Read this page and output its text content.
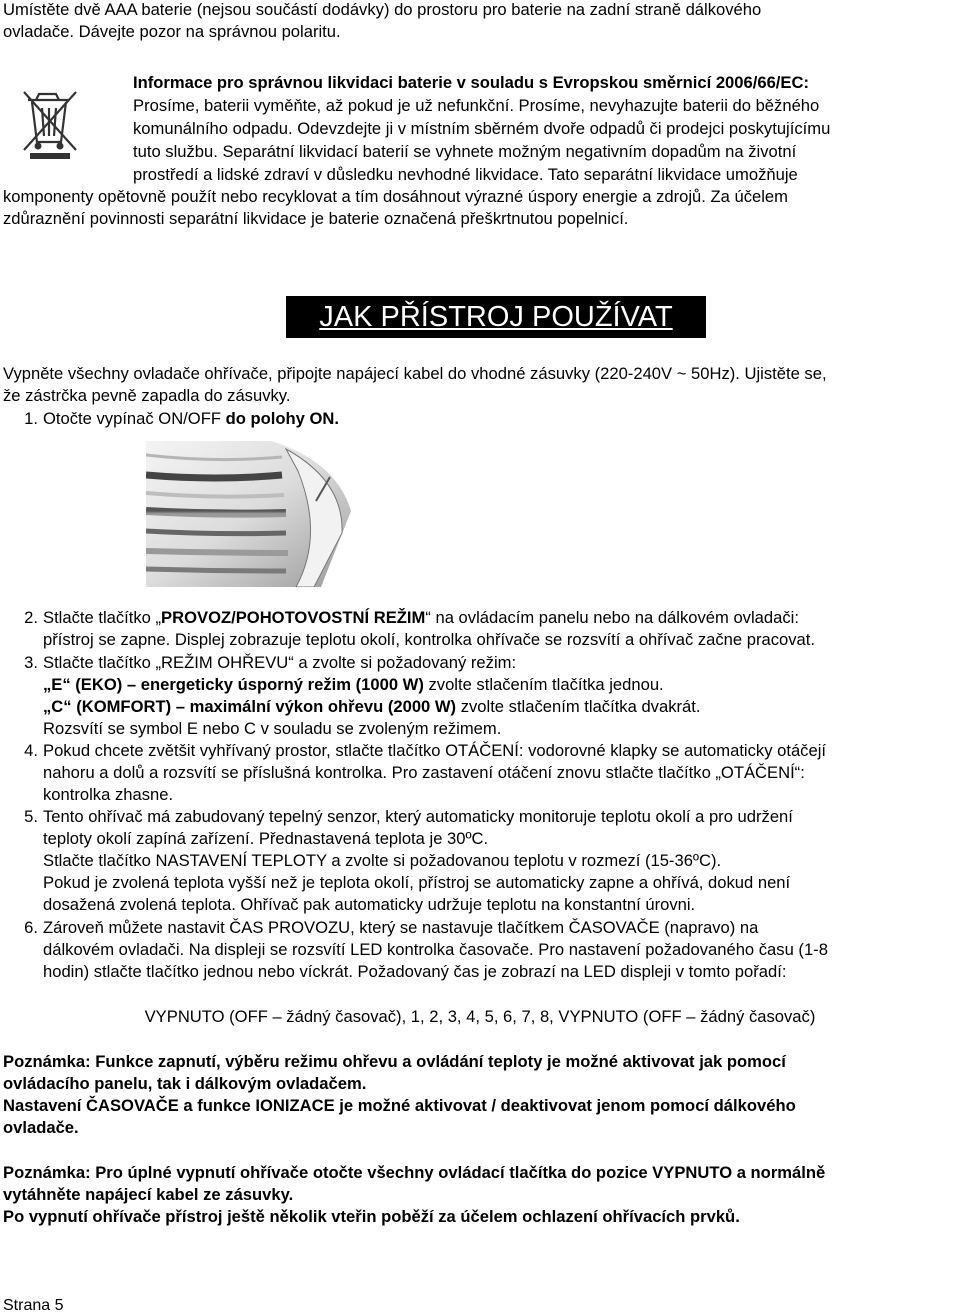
Umístěte dvě AAA baterie (nejsou součástí dodávky) do prostoru pro baterie na zadní straně dálkového
ovladače. Dávejte pozor na správnou polaritu.
Informace pro správnou likvidaci baterie v souladu s Evropskou směrnicí 2006/66/EC:
Prosíme, baterii vyměňte, až pokud je už nefunkční. Prosíme, nevyhazujte baterii do běžného
komunálního odpadu. Odevzdejte ji v místním sběrném dvoře odpadů či prodejci poskytujícímu
tuto službu. Separátní likvidací baterií se vyhnete možným negativním dopadům na životní
prostředí a lidské zdraví v důsledku nevhodné likvidace. Tato separátní likvidace umožňuje
komponenty opětovně použít nebo recyklovat a tím dosáhnout výrazné úspory energie a zdrojů. Za účelem
zdůraznění povinnosti separátní likvidace je baterie označená přeškrtnutou popelnicí.
JAK PŘÍSTROJ POUŽÍVAT
Vypněte všechny ovladače ohřívače, připojte napájecí kabel do vhodné zásuvky (220-240V ~ 50Hz). Ujistěte se,
že zástrčka pevně zapadla do zásuvky.
1. Otočte vypínač ON/OFF do polohy ON.
2. Stlačte tlačítko „PROVOZ/POHOTOVOSTNÍ REŽIM“ na ovládacím panelu nebo na dálkovém ovladači:
přístroj se zapne. Displej zobrazuje teplotu okolí, kontrolka ohřívače se rozsvítí a ohřívač začne pracovat.
3. Stlačte tlačítko „REŽIM OHŘEVU“ a zvolte si požadovaný režim:
„E“ (EKO) – energeticky úsporný režim (1000 W) zvolte stlačením tlačítka jednou.
„C“ (KOMFORT) – maximální výkon ohřevu (2000 W) zvolte stlačením tlačítka dvakrát.
Rozsvítí se symbol E nebo C v souladu se zvoleným režimem.
4. Pokud chcete zvětšit vyhřívaný prostor, stlačte tlačítko OTÁČENÍ: vodorovné klapky se automaticky otáčejí
nahoru a dolů a rozsvítí se příslušná kontrolka. Pro zastavení otáčení znovu stlačte tlačítko „OTÁČENÍ“:
kontrolka zhasne.
5. Tento ohřívač má zabudovaný tepelný senzor, který automaticky monitoruje teplotu okolí a pro udržení
teploty okolí zapíná zařízení. Přednastavená teplota je 30ºC.
Stlačte tlačítko NASTAVENÍ TEPLOTY a zvolte si požadovanou teplotu v rozmezí (15-36ºC).
Pokud je zvolená teplota vyšší než je teplota okolí, přístroj se automaticky zapne a ohřívá, dokud není
dosažená zvolená teplota. Ohřívač pak automaticky udržuje teplotu na konstantní úrovni.
6. Zároveň můžete nastavit ČAS PROVOZU, který se nastavuje tlačítkem ČASOVAČE (napravo) na
dálkovém ovladači. Na displeji se rozsvítí LED kontrolka časovače. Pro nastavení požadovaného času (1-8
hodin) stlačte tlačítko jednou nebo víckrát. Požadovaný čas je zobrazí na LED displeji v tomto pořadí:
VYPNUTO (OFF – žádný časovač), 1, 2, 3, 4, 5, 6, 7, 8, VYPNUTO (OFF – žádný časovač)
Poznámka: Funkce zapnutí, výběru režimu ohřevu a ovládání teploty je možné aktivovat jak pomocí
ovládacího panelu, tak i dálkovým ovladačem.
Nastavení ČASOVAČE a funkce IONIZACE je možné aktivovat / deaktivovat jenom pomocí dálkového
ovladače.
Poznámka: Pro úplné vypnutí ohřívače otočte všechny ovládací tlačítka do pozice VYPNUTO a normálně
vytáhněte napájecí kabel ze zásuvky.
Po vypnutí ohřívače přístroj ještě několik vteřin poběží za účelem ochlazení ohřívacích prvků.
Strana 5
